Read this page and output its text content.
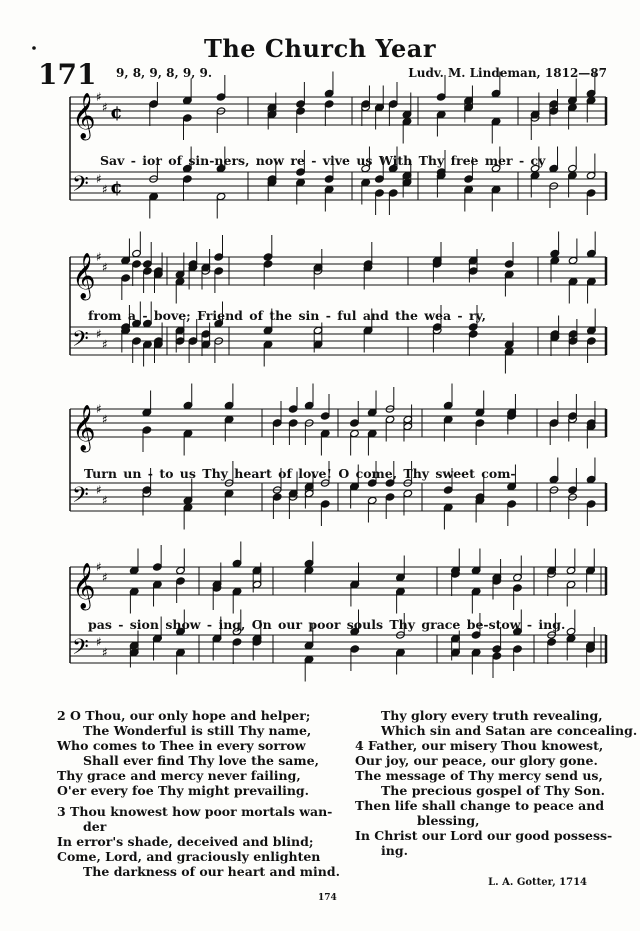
The Church Year
171 9, 8, 9, 8, 9, 9.	Ludv. M. Lindeman, 1812—87
𝄞
𝄢
♯
♯
♯
♯
¢
¢
𝄞
𝄢
♯
♯
♯
♯
𝄞
𝄢
♯
♯
♯
♯
𝄞
𝄢
♯
♯
♯
♯
Sav - ior of sin-ners, now re - vive us With Thy free mer - cy
from a - bove; Friend of the sin - ful and the wea - ry,
Turn un - to us Thy heart of love! O come, Thy sweet com-
pas - sion show - ing, On our poor souls Thy grace be-stow - ing.
2 O Thou, our only hope and helper;
The Wonderful is still Thy name,
Who comes to Thee in every sorrow
Shall ever find Thy love the same,
Thy grace and mercy never failing,
O'er every foe Thy might prevailing.
3 Thou knowest how poor mortals wan-
der
In error's shade, deceived and blind;
Come, Lord, and graciously enlighten
The darkness of our heart and mind.
Thy glory every truth revealing,
Which sin and Satan are concealing.
4 Father, our misery Thou knowest,
Our joy, our peace, our glory gone.
The message of Thy mercy send us,
The precious gospel of Thy Son.
Then life shall change to peace and
blessing,
In Christ our Lord our good possess-
ing.
L. A. Gotter, 1714
174
